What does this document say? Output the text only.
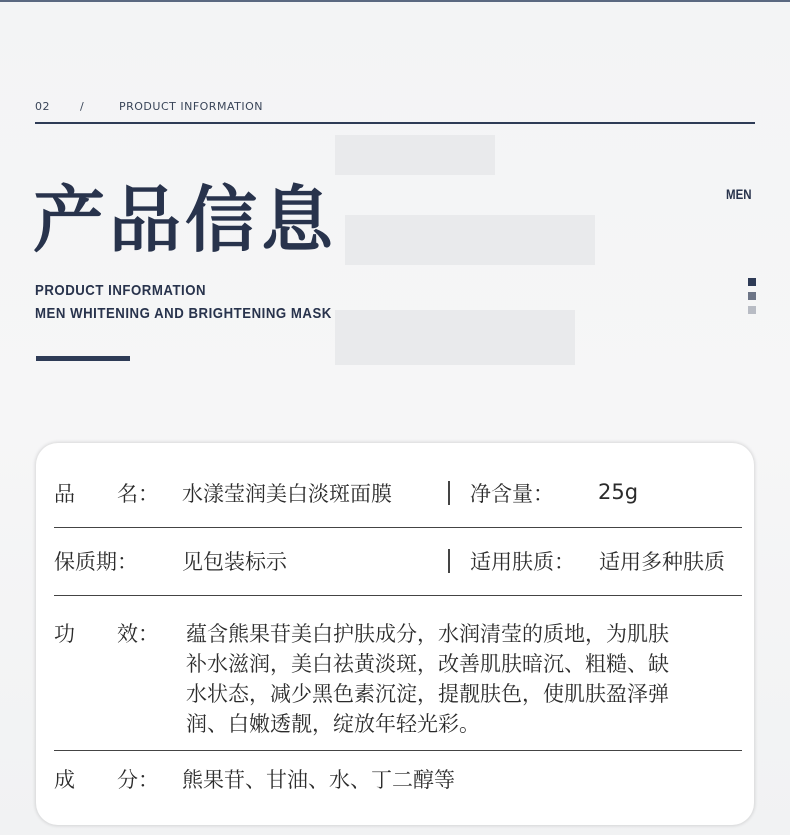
02	/	PRODUCT INFORMATION
产品信息	MEN
PRODUCT INFORMATION
MEN WHITENING AND BRIGHTENING MASK
品　　名： 水漾莹润美白淡斑面膜	净含量： 25g
保质期： 见包装标示	适用肤质： 适用多种肤质
功　　效： 蕴含熊果苷美白护肤成分，水润清莹的质地，为肌肤
补水滋润，美白祛黄淡斑，改善肌肤暗沉、粗糙、缺
水状态，减少黑色素沉淀，提靓肤色，使肌肤盈泽弹
润、白嫩透靓，绽放年轻光彩。
成　　分： 熊果苷、甘油、水、丁二醇等
